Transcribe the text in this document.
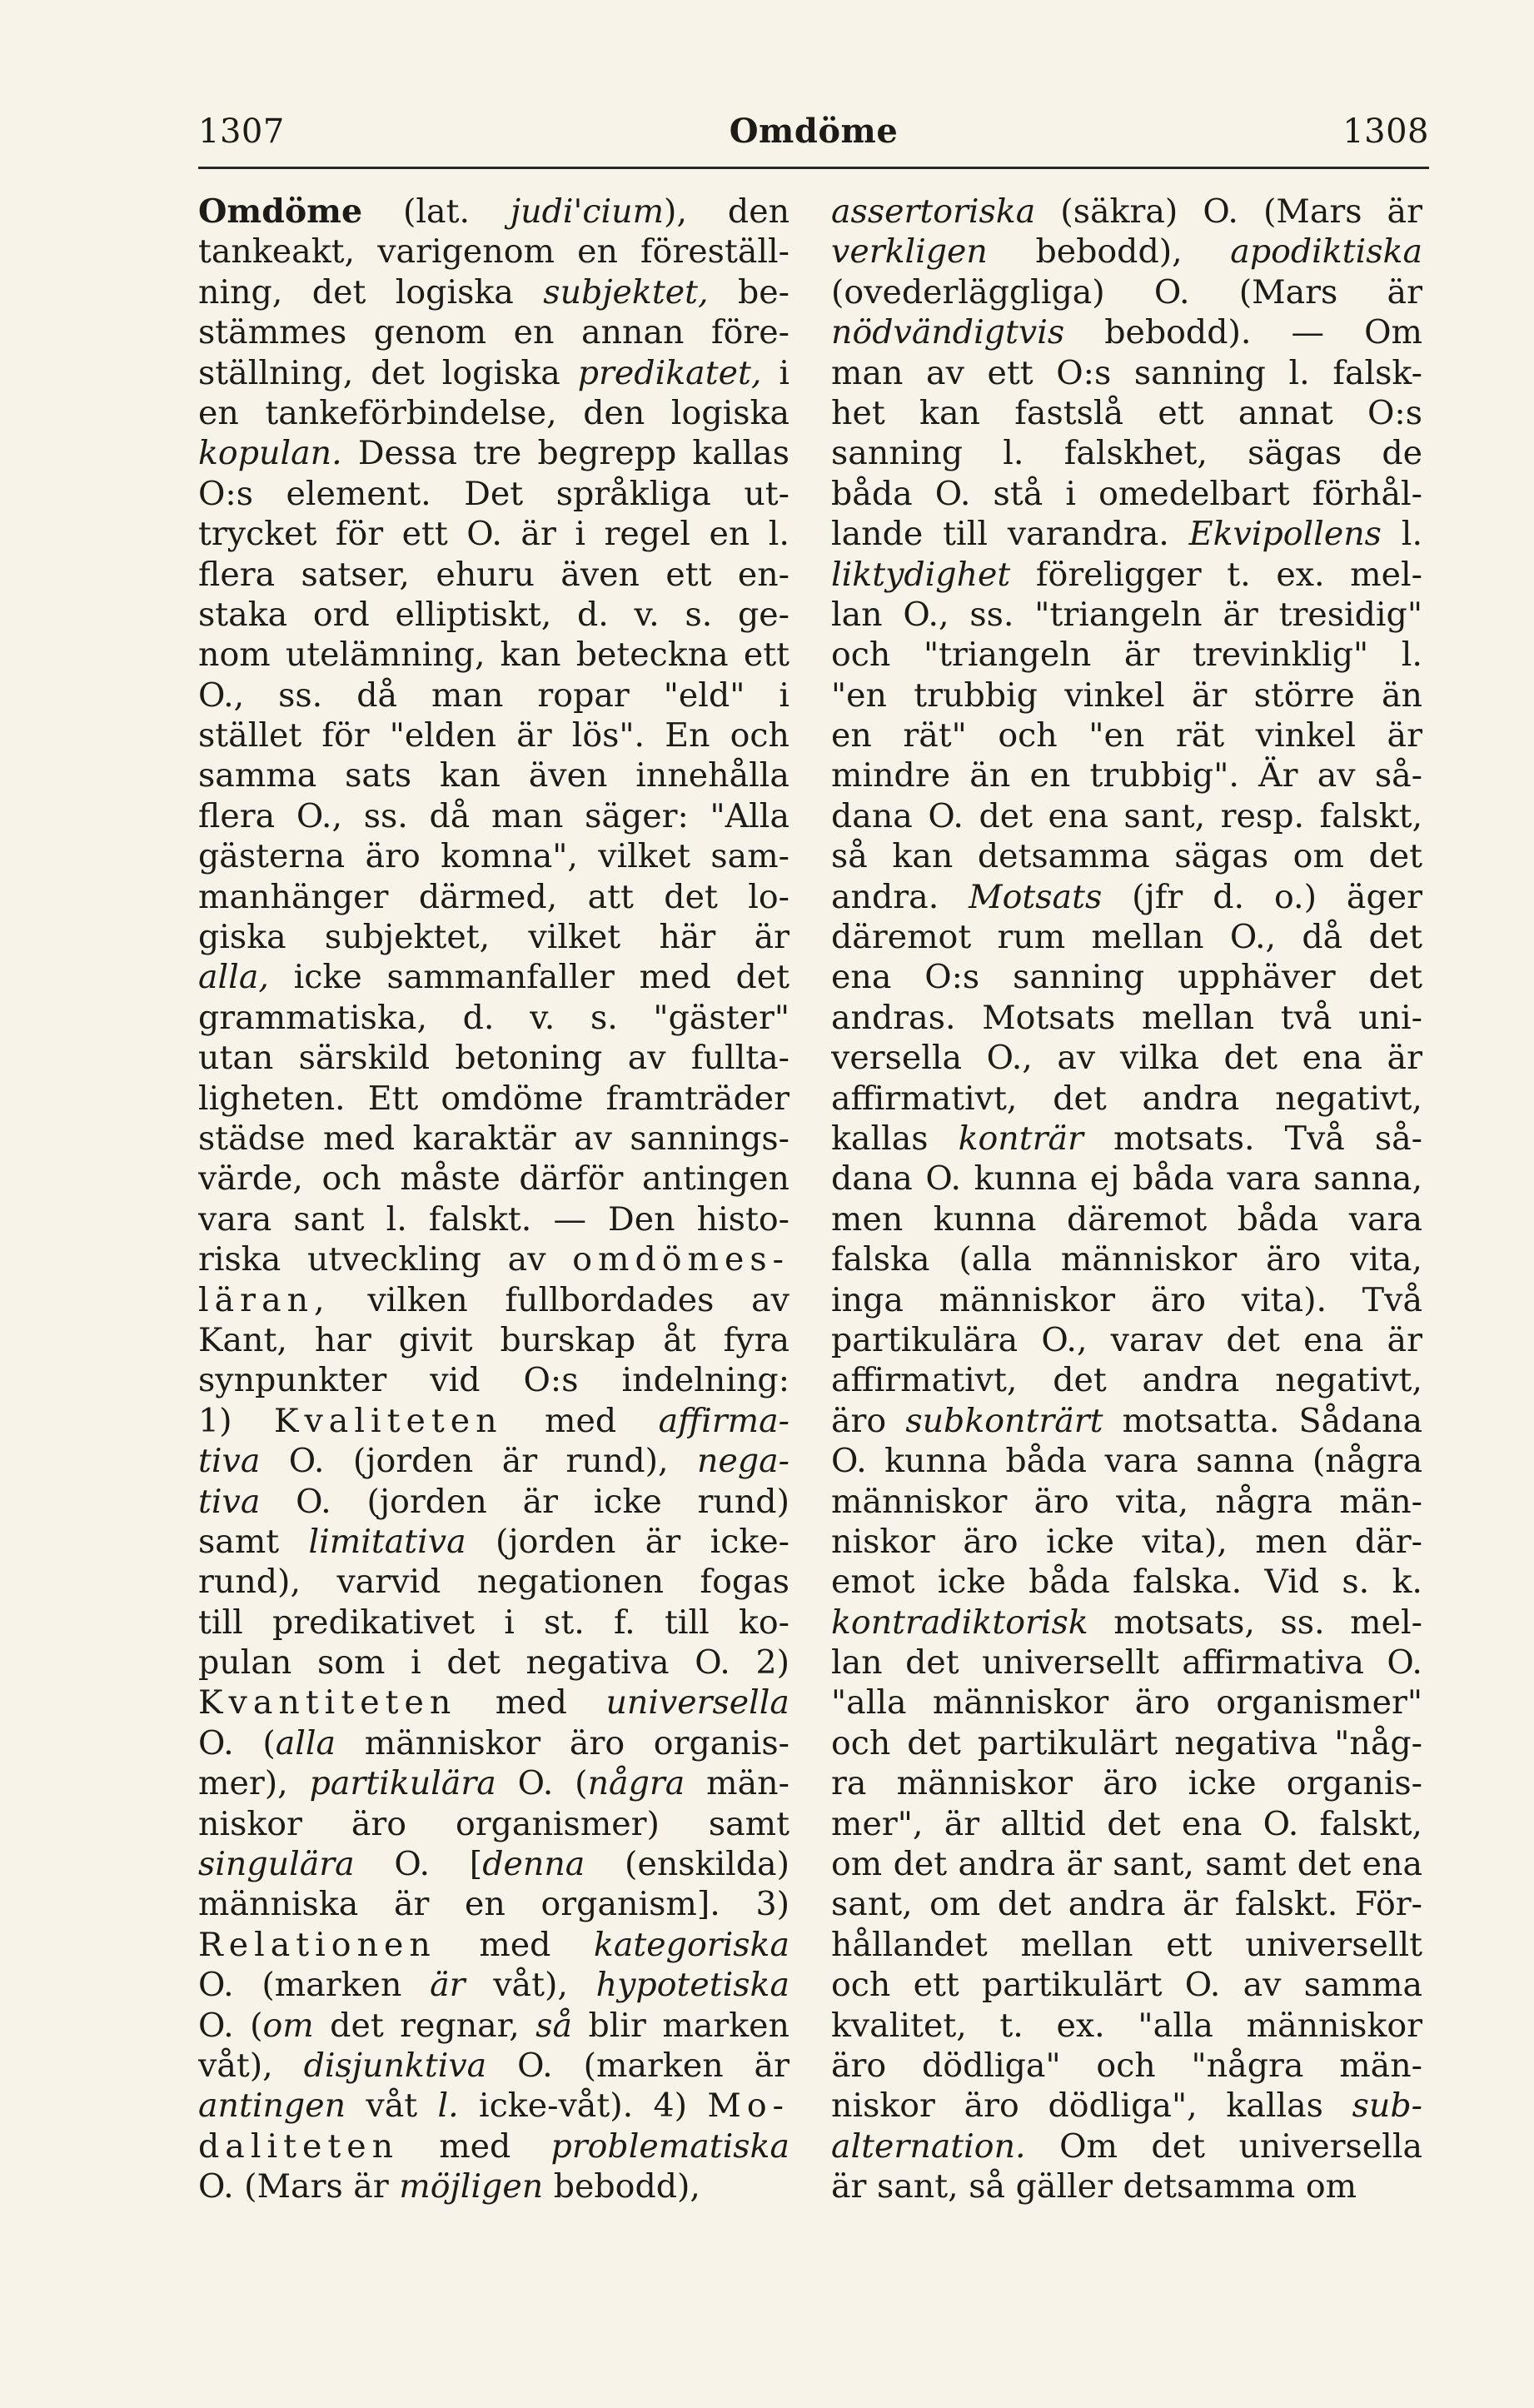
1307	Omdöme	1308
Omdöme (lat. judi'cium), den
tankeakt, varigenom en föreställ-
ning, det logiska subjektet, be-
stämmes genom en annan före-
ställning, det logiska predikatet, i
en tankeförbindelse, den logiska
kopulan. Dessa tre begrepp kallas
O:s element. Det språkliga ut-
trycket för ett O. är i regel en l.
flera satser, ehuru även ett en-
staka ord elliptiskt, d. v. s. ge-
nom utelämning, kan beteckna ett
O., ss. då man ropar "eld" i
stället för "elden är lös". En och
samma sats kan även innehålla
flera O., ss. då man säger: "Alla
gästerna äro komna", vilket sam-
manhänger därmed, att det lo-
giska subjektet, vilket här är
alla, icke sammanfaller med det
grammatiska, d. v. s. "gäster"
utan särskild betoning av fullta-
ligheten. Ett omdöme framträder
städse med karaktär av sannings-
värde, och måste därför antingen
vara sant l. falskt. — Den histo-
riska utveckling av omdömes-
läran, vilken fullbordades av
Kant, har givit burskap åt fyra
synpunkter vid O:s indelning:
1) Kvaliteten med affirma-
tiva O. (jorden är rund), nega-
tiva O. (jorden är icke rund)
samt limitativa (jorden är icke-
rund), varvid negationen fogas
till predikativet i st. f. till ko-
pulan som i det negativa O. 2)
Kvantiteten med universella
O. (alla människor äro organis-
mer), partikulära O. (några män-
niskor äro organismer) samt
singulära O. [denna (enskilda)
människa är en organism]. 3)
Relationen med kategoriska
O. (marken är våt), hypotetiska
O. (om det regnar, så blir marken
våt), disjunktiva O. (marken är
antingen våt l. icke-våt). 4) Mo-
daliteten med problematiska
O. (Mars är möjligen bebodd),
assertoriska (säkra) O. (Mars är
verkligen bebodd), apodiktiska
(ovederläggliga) O. (Mars är
nödvändigtvis bebodd). — Om
man av ett O:s sanning l. falsk-
het kan fastslå ett annat O:s
sanning l. falskhet, sägas de
båda O. stå i omedelbart förhål-
lande till varandra. Ekvipollens l.
liktydighet föreligger t. ex. mel-
lan O., ss. "triangeln är tresidig"
och "triangeln är trevinklig" l.
"en trubbig vinkel är större än
en rät" och "en rät vinkel är
mindre än en trubbig". Är av så-
dana O. det ena sant, resp. falskt,
så kan detsamma sägas om det
andra. Motsats (jfr d. o.) äger
däremot rum mellan O., då det
ena O:s sanning upphäver det
andras. Motsats mellan två uni-
versella O., av vilka det ena är
affirmativt, det andra negativt,
kallas konträr motsats. Två så-
dana O. kunna ej båda vara sanna,
men kunna däremot båda vara
falska (alla människor äro vita,
inga människor äro vita). Två
partikulära O., varav det ena är
affirmativt, det andra negativt,
äro subkonträrt motsatta. Sådana
O. kunna båda vara sanna (några
människor äro vita, några män-
niskor äro icke vita), men där-
emot icke båda falska. Vid s. k.
kontradiktorisk motsats, ss. mel-
lan det universellt affirmativa O.
"alla människor äro organismer"
och det partikulärt negativa "någ-
ra människor äro icke organis-
mer", är alltid det ena O. falskt,
om det andra är sant, samt det ena
sant, om det andra är falskt. För-
hållandet mellan ett universellt
och ett partikulärt O. av samma
kvalitet, t. ex. "alla människor
äro dödliga" och "några män-
niskor äro dödliga", kallas sub-
alternation. Om det universella
är sant, så gäller detsamma om
